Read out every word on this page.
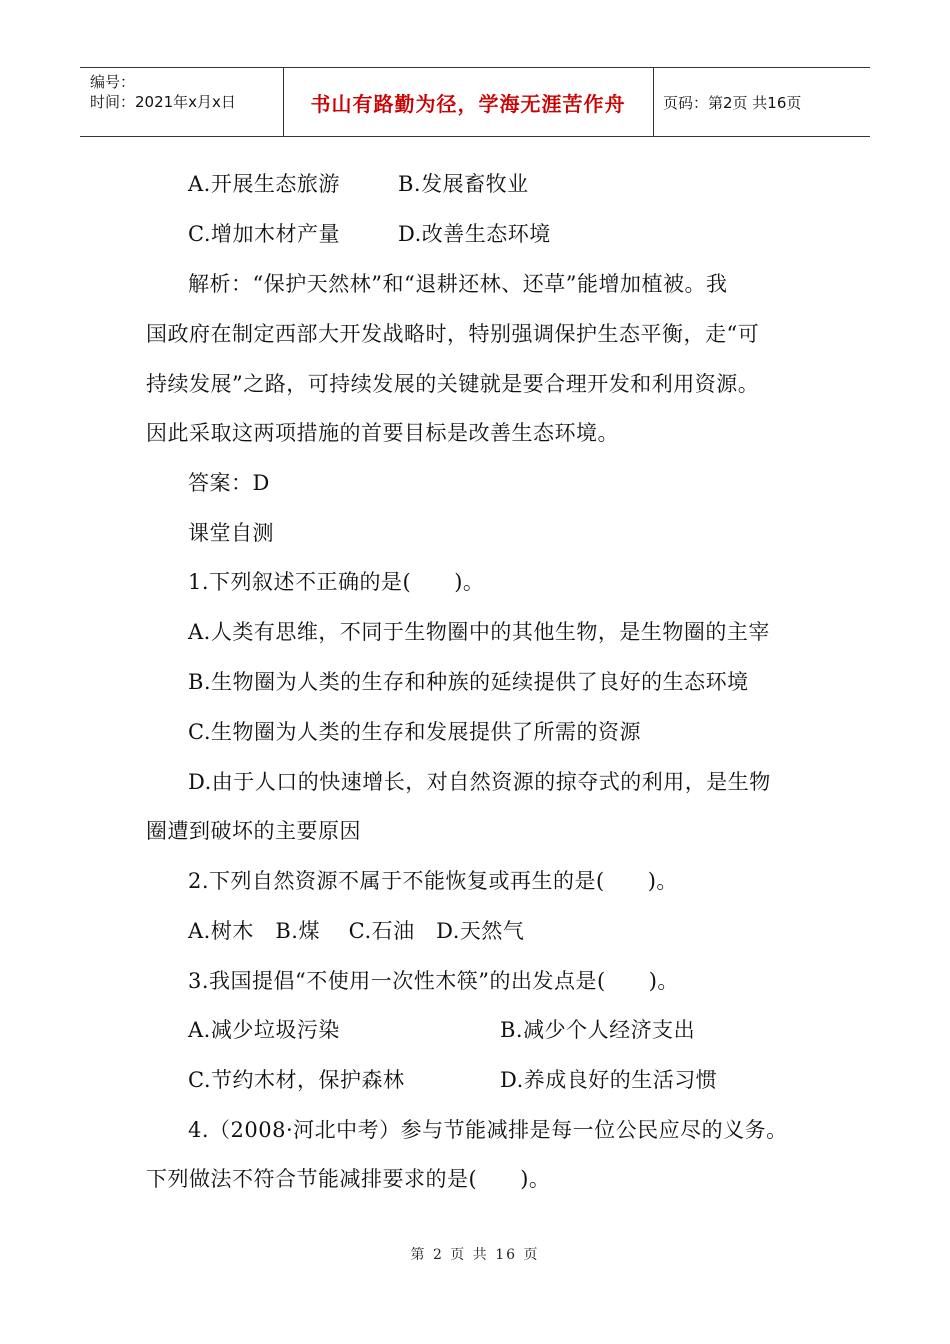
编号：
时间：2021年x月x日	书山有路勤为径，学海无涯苦作舟	页码：第2页 共16页
A.开展生态旅游	B.发展畜牧业
C.增加木材产量	D.改善生态环境
解析：“保护天然林”和“退耕还林、还草”能增加植被。我
国政府在制定西部大开发战略时，特别强调保护生态平衡，走“可
持续发展”之路，可持续发展的关键就是要合理开发和利用资源。
因此采取这两项措施的首要目标是改善生态环境。
答案：D
课堂自测
1.下列叙述不正确的是(　　)。
A.人类有思维，不同于生物圈中的其他生物，是生物圈的主宰
B.生物圈为人类的生存和种族的延续提供了良好的生态环境
C.生物圈为人类的生存和发展提供了所需的资源
D.由于人口的快速增长，对自然资源的掠夺式的利用，是生物
圈遭到破坏的主要原因
2.下列自然资源不属于不能恢复或再生的是(　　)。
A.树木　B.煤　 C.石油　D.天然气
3.我国提倡“不使用一次性木筷”的出发点是(　　)。
A.减少垃圾污染	B.减少个人经济支出
C.节约木材，保护森林	D.养成良好的生活习惯
4.（2008·河北中考）参与节能减排是每一位公民应尽的义务。
下列做法不符合节能减排要求的是(　　)。
第 2 页 共 16 页
